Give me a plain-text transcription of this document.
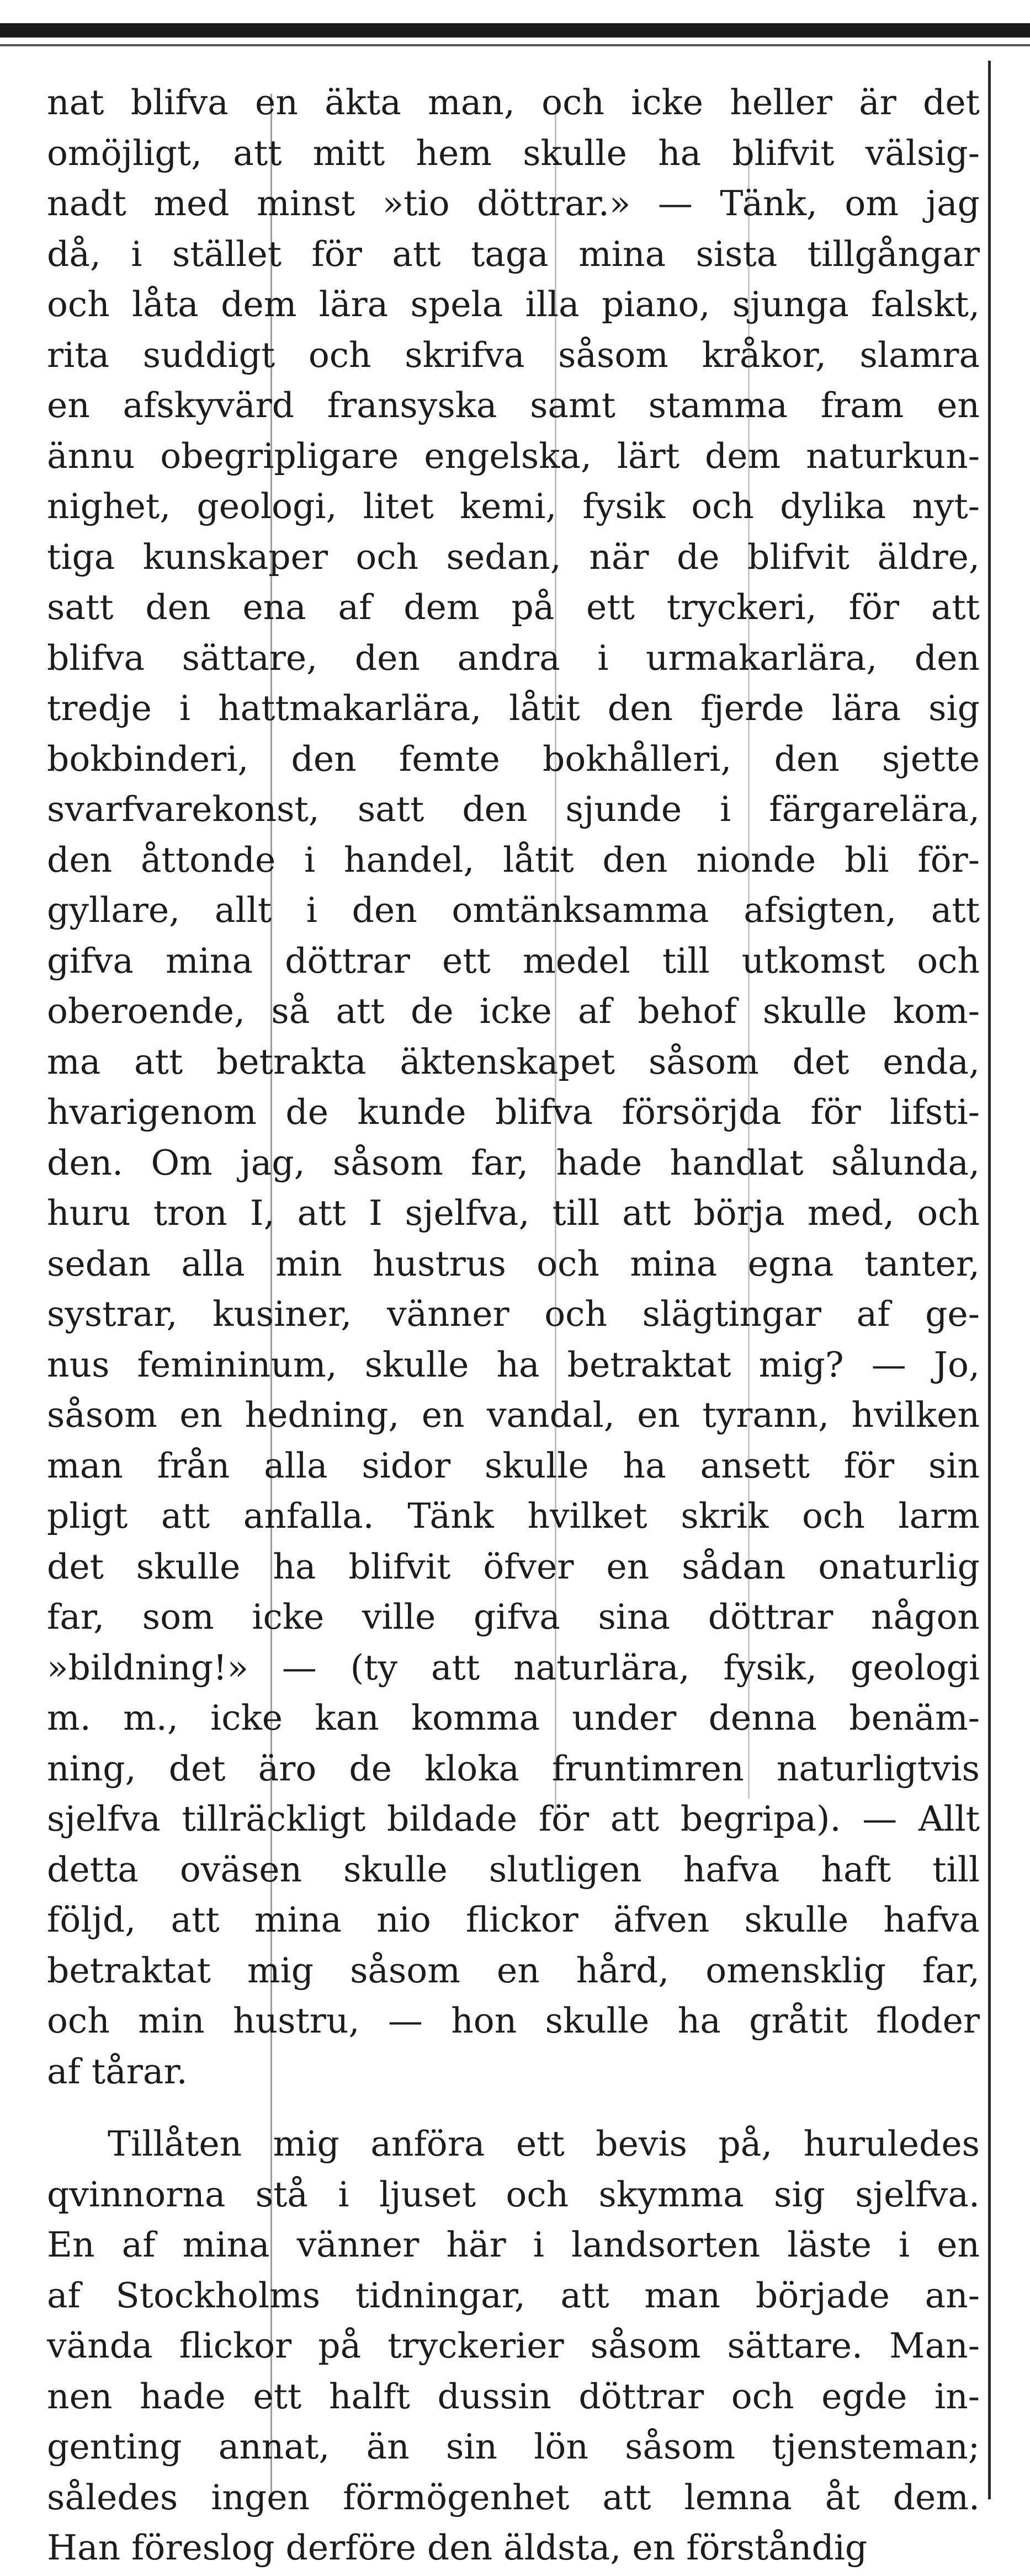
nat blifva en äkta man, och icke heller är det
omöjligt, att mitt hem skulle ha blifvit välsig-
nadt med minst »tio döttrar.» — Tänk, om jag
då, i stället för att taga mina sista tillgångar
och låta dem lära spela illa piano, sjunga falskt,
rita suddigt och skrifva såsom kråkor, slamra
en afskyvärd fransyska samt stamma fram en
ännu obegripligare engelska, lärt dem naturkun-
nighet, geologi, litet kemi, fysik och dylika nyt-
tiga kunskaper och sedan, när de blifvit äldre,
satt den ena af dem på ett tryckeri, för att
blifva sättare, den andra i urmakarlära, den
tredje i hattmakarlära, låtit den fjerde lära sig
bokbinderi, den femte bokhålleri, den sjette
svarfvarekonst, satt den sjunde i färgarelära,
den åttonde i handel, låtit den nionde bli för-
gyllare, allt i den omtänksamma afsigten, att
gifva mina döttrar ett medel till utkomst och
oberoende, så att de icke af behof skulle kom-
ma att betrakta äktenskapet såsom det enda,
hvarigenom de kunde blifva försörjda för lifsti-
den. Om jag, såsom far, hade handlat sålunda,
huru tron I, att I sjelfva, till att börja med, och
sedan alla min hustrus och mina egna tanter,
systrar, kusiner, vänner och slägtingar af ge-
nus femininum, skulle ha betraktat mig? — Jo,
såsom en hedning, en vandal, en tyrann, hvilken
man från alla sidor skulle ha ansett för sin
pligt att anfalla. Tänk hvilket skrik och larm
det skulle ha blifvit öfver en sådan onaturlig
far, som icke ville gifva sina döttrar någon
»bildning!» — (ty att naturlära, fysik, geologi
m. m., icke kan komma under denna benäm-
ning, det äro de kloka fruntimren naturligtvis
sjelfva tillräckligt bildade för att begripa). — Allt
detta oväsen skulle slutligen hafva haft till
följd, att mina nio flickor äfven skulle hafva
betraktat mig såsom en hård, omensklig far,
och min hustru, — hon skulle ha gråtit floder
af tårar.
Tillåten mig anföra ett bevis på, huruledes
qvinnorna stå i ljuset och skymma sig sjelfva.
En af mina vänner här i landsorten läste i en
af Stockholms tidningar, att man började an-
vända flickor på tryckerier såsom sättare. Man-
nen hade ett halft dussin döttrar och egde in-
genting annat, än sin lön såsom tjensteman;
således ingen förmögenhet att lemna åt dem.
Han föreslog derföre den äldsta, en förståndig
